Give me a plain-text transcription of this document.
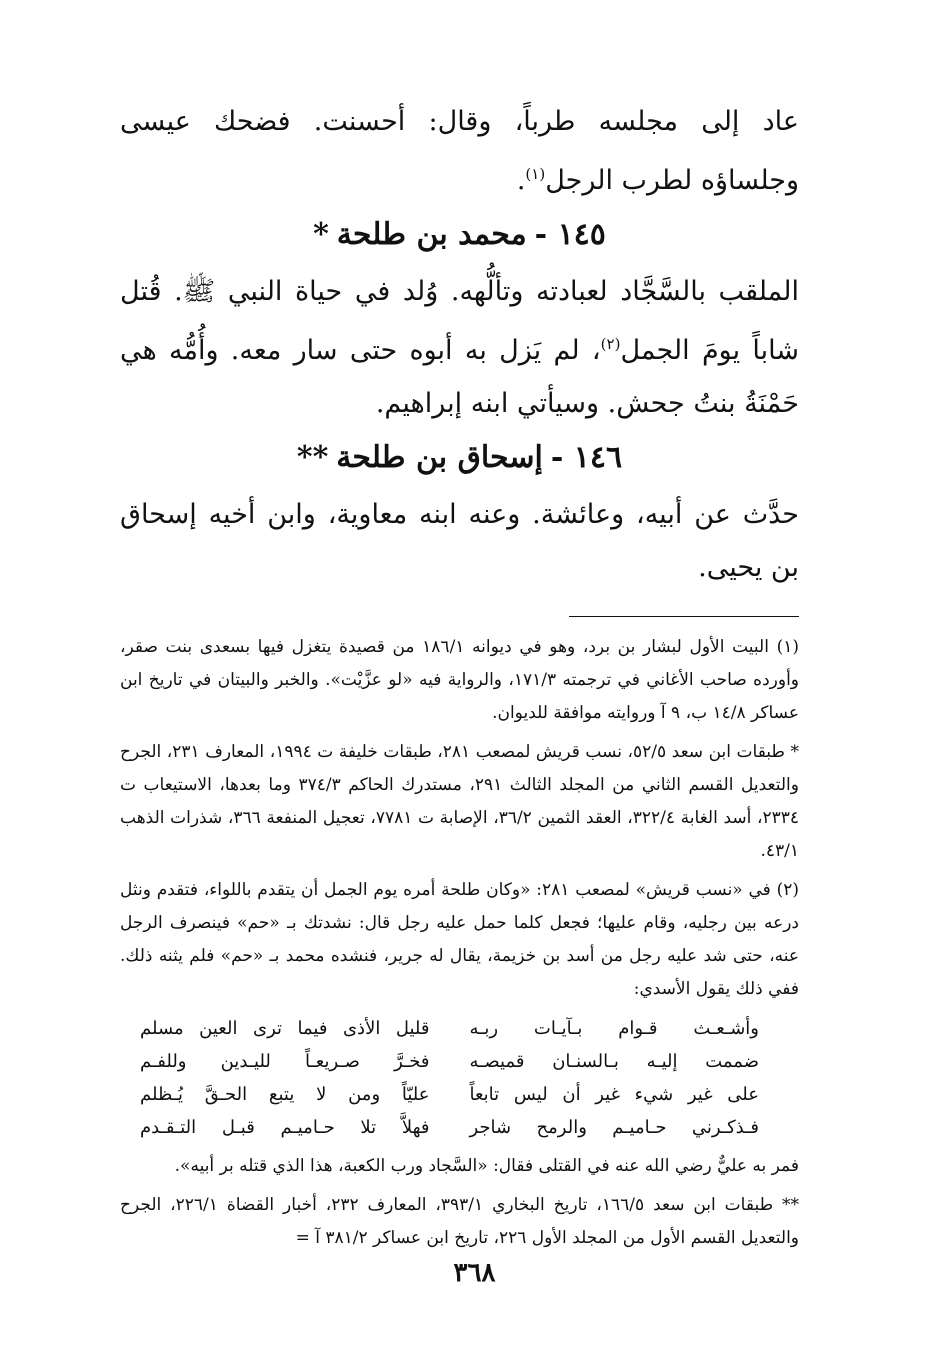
عاد إلى مجلسه طرباً، وقال: أحسنت. فضحك عيسى وجلساؤه لطرب الرجل$^{(١)}$.

١٤٥ -محمد بن طلحة*

الملقب بالسَّجَّاد لعبادته وتألُّهه. وُلد في حياة النبي ﷺ. قُتل شاباً يومَ الجمل$^{(٢)}$، لم يَزل به أبوه حتى سار معه. وأُمُّه هي حَمْنَةُ بنتُ جحش. وسيأتي ابنه إبراهيم.

١٤٦ -إسحاق بن طلحة**

حدَّث عن أبيه، وعائشة. وعنه ابنه معاوية، وابن أخيه إسحاق بن يحيى.

(١) البيت الأول لبشار بن برد، وهو في ديوانه ١٨٦/١ من قصيدة يتغزل فيها بسعدى بنت صقر، وأورده صاحب الأغاني في ترجمته ١٧١/٣، والرواية فيه «لو عزَّيْت». والخبر والبيتان في تاريخ ابن عساكر ١٤/٨ ب، ٩ آ وروايته موافقة للديوان.

* طبقات ابن سعد ٥٢/٥، نسب قريش لمصعب ٢٨١، طبقات خليفة ت ١٩٩٤، المعارف ٢٣١، الجرح والتعديل القسم الثاني من المجلد الثالث ٢٩١، مستدرك الحاكم ٣٧٤/٣ وما بعدها، الاستيعاب ت ٢٣٣٤، أسد الغابة ٣٢٢/٤، العقد الثمين ٣٦/٢، الإصابة ت ٧٧٨١، تعجيل المنفعة ٣٦٦، شذرات الذهب ٤٣/١.

(٢) في «نسب قريش» لمصعب ٢٨١: «وكان طلحة أمره يوم الجمل أن يتقدم باللواء، فتقدم ونثل درعه بين رجليه، وقام عليها؛ فجعل كلما حمل عليه رجل قال: نشدتك بـ «حم» فينصرف الرجل عنه، حتى شد عليه رجل من أسد بن خزيمة، يقال له جرير، فنشده محمد بـ «حم» فلم يثنه ذلك. ففي ذلك يقول الأسدي:

وأشـعـث قـوام بـآيـات ربـه
قليل الأذى فيما ترى العين مسلم
ضممت إليـه بـالسنـان قميصـه
فخـرَّ صـريعـاً لليـدين وللفـم
على غير شيء غير أن ليس تابعاً
عليّاً ومن لا يتبع الحـقَّ يُـظلم
فـذكـرني حـاميـم والرمح شاجر
فهلاَّ تلا حـاميـم قبـل التـقـدم

فمر به عليٌّ رضي الله عنه في القتلى فقال: «السَّجاد ورب الكعبة، هذا الذي قتله بر أبيه».

** طبقات ابن سعد ١٦٦/٥، تاريخ البخاري ٣٩٣/١، المعارف ٢٣٢، أخبار القضاة ٢٢٦/١، الجرح والتعديل القسم الأول من المجلد الأول ٢٢٦، تاريخ ابن عساكر ٣٨١/٢ آ =

٣٦٨
